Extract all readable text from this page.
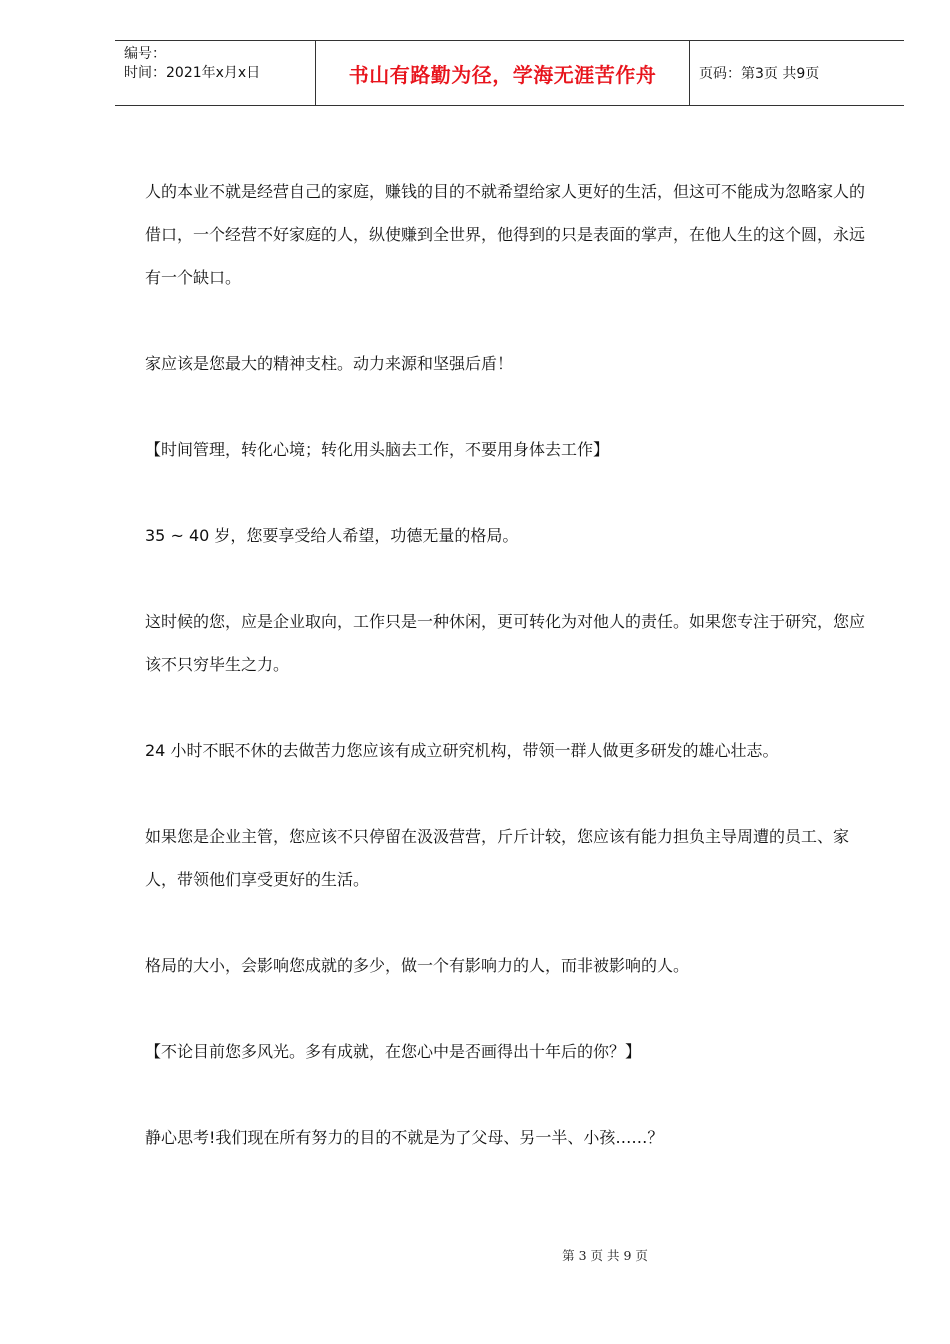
编号：
时间：2021年x月x日	书山有路勤为径，学海无涯苦作舟	页码：第3页 共9页

人的本业不就是经营自己的家庭，赚钱的目的不就希望给家人更好的生活，但这可不能成为忽略家人的借口，一个经营不好家庭的人，纵使赚到全世界，他得到的只是表面的掌声，在他人生的这个圆，永远有一个缺口。

家应该是您最大的精神支柱。动力来源和坚强后盾！

【时间管理，转化心境；转化用头脑去工作，不要用身体去工作】

35 ~ 40 岁，您要享受给人希望，功德无量的格局。

这时候的您，应是企业取向，工作只是一种休闲，更可转化为对他人的责任。如果您专注于研究，您应该不只穷毕生之力。

24 小时不眠不休的去做苦力您应该有成立研究机构，带领一群人做更多研发的雄心壮志。

如果您是企业主管，您应该不只停留在汲汲营营，斤斤计较，您应该有能力担负主导周遭的员工、家人，带领他们享受更好的生活。

格局的大小，会影响您成就的多少，做一个有影响力的人，而非被影响的人。

【不论目前您多风光。多有成就，在您心中是否画得出十年后的你？】

静心思考!我们现在所有努力的目的不就是为了父母、另一半、小孩……？

第 3 页 共 9 页
